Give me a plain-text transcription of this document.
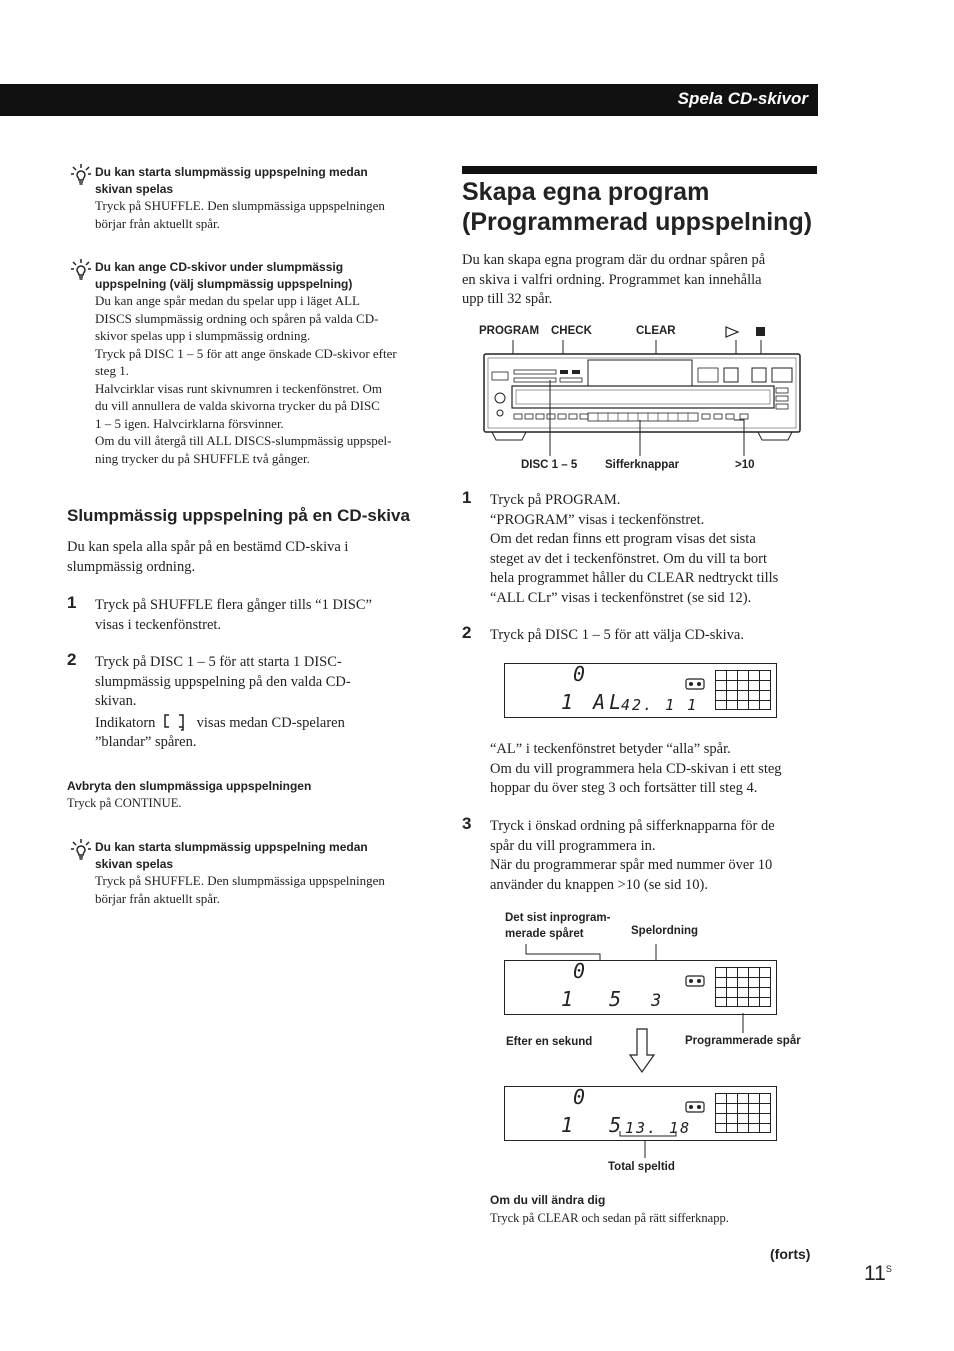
Spela CD-skivor
Du kan starta slumpmässig uppspelning medan skivan spelas
Tryck på SHUFFLE. Den slumpmässiga uppspelningen
börjar från aktuellt spår.
Du kan ange CD-skivor under slumpmässig
uppspelning (välj slumpmässig uppspelning)
Du kan ange spår medan du spelar upp i läget ALL
DISCS slumpmässig ordning och spåren på valda CD-
skivor spelas upp i slumpmässig ordning.
Tryck på DISC 1 – 5 för att ange önskade CD-skivor efter
steg 1.
Halvcirklar visas runt skivnumren i teckenfönstret. Om
du vill annullera de valda skivorna trycker du på DISC
1 – 5 igen. Halvcirklarna försvinner.
Om du vill återgå till ALL DISCS-slumpmässig uppspel-
ning trycker du på SHUFFLE två gånger.
Slumpmässig uppspelning på en CD-skiva
Du kan spela alla spår på en bestämd CD-skiva i
slumpmässig ordning.
1 Tryck på SHUFFLE flera gånger tills “1 DISC”
visas i teckenfönstret.
2 Tryck på DISC 1 – 5 för att starta 1 DISC-
slumpmässig uppspelning på den valda CD-
skivan.
Indikatorn	visas medan CD-spelaren
”blandar” spåren.
Avbryta den slumpmässiga uppspelningen
Tryck på CONTINUE.
Du kan starta slumpmässig uppspelning medan
skivan spelas
Tryck på SHUFFLE. Den slumpmässiga uppspelningen
börjar från aktuellt spår.
Skapa egna program
(Programmerad uppspelning)
Du kan skapa egna program där du ordnar spåren på
en skiva i valfri ordning. Programmet kan innehålla
upp till 32 spår.
PROGRAM CHECK	CLEAR
DISC 1 – 5 Sifferknappar	>10
1 Tryck på PROGRAM.
“PROGRAM” visas i teckenfönstret.
Om det redan finns ett program visas det sista
steget av det i teckenfönstret. Om du vill ta bort
hela programmet håller du CLEAR nedtryckt tills
“ALL CLr” visas i teckenfönstret (se sid 12).
2 Tryck på DISC 1 – 5 för att välja CD-skiva.
0
1 AL
42. 1 1
“AL” i teckenfönstret betyder “alla” spår.
Om du vill programmera hela CD-skivan i ett steg
hoppar du över steg 3 och fortsätter till steg 4.
3 Tryck i önskad ordning på sifferknapparna för de
spår du vill programmera in.
När du programmerar spår med nummer över 10
använder du knappen >10 (se sid 10).
Det sist inprogram-
merade spåret	Spelordning
0
1  5 3
Efter en sekund	Programmerade spår
0
1  5 13. 18
Total speltid
Om du vill ändra dig
Tryck på CLEAR och sedan på rätt sifferknapp.
(forts)
$11^S$
